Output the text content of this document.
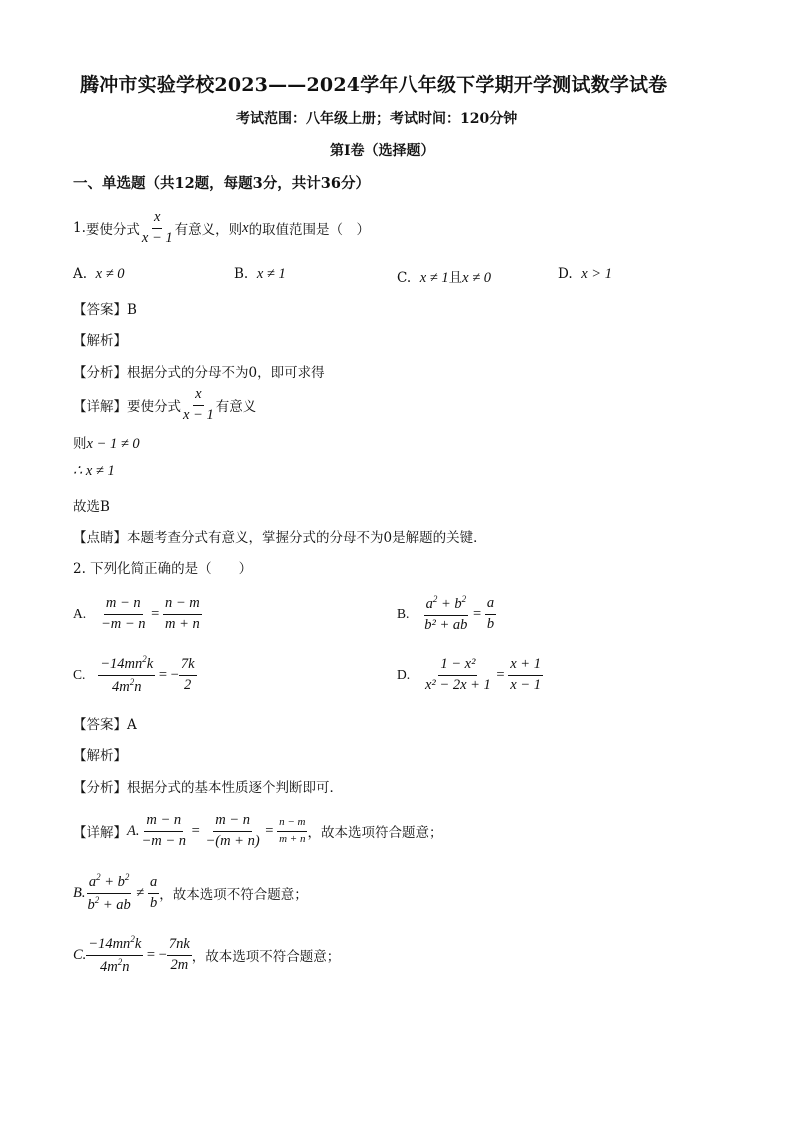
腾冲市实验学校2023——2024学年八年级下学期开学测试数学试卷
考试范围：八年级上册；考试时间：120分钟
第Ⅰ卷（选择题）
一、单选题（共12题，每题3分，共计36分）
1. 要使分式 $\frac{x}{x - 1}$ 有意义，则 x 的取值范围是（　）
A. x ≠ 0	B. x ≠ 1	C. x ≠ 1且x ≠ 0	D. x > 1
【答案】B
【解析】
【分析】根据分式的分母不为0，即可求得
【详解】要使分式 $\frac{x}{x - 1}$ 有意义
则x − 1 ≠ 0
∴ x ≠ 1
故选B
【点睛】本题考查分式有意义，掌握分式的分母不为0是解题的关键．
2. 下列化简正确的是（　　）
A.
$\frac{m - n}{-m - n} = \frac{n - m}{m + n}$	B.
$\frac{a^2 + b^2}{\text{b² + ab}} = \frac{a}{b}$
C.
$\frac{-14mn^2k}{4m^2n}$ = − $\frac{7k}{2}$	D.
$\frac{\text{1 − x²}}{\text{x² − 2x + 1}} = \frac{x + 1}{x - 1}$
【答案】A
【解析】
【分析】根据分式的基本性质逐个判断即可．
【详解】 A. $\frac{m - n}{-m - n} = \frac{m - n}{-(m + n)} = \frac{n - m}{m + n}$ ，故本选项符合题意；
B. $\frac{a^2 + b^2}{b^2 + ab} \ne \frac{a}{b}$ ，故本选项不符合题意；
C. $\frac{-14mn^2k}{4m^2n}$ = − $\frac{7nk}{2m}$ ，故本选项不符合题意；
